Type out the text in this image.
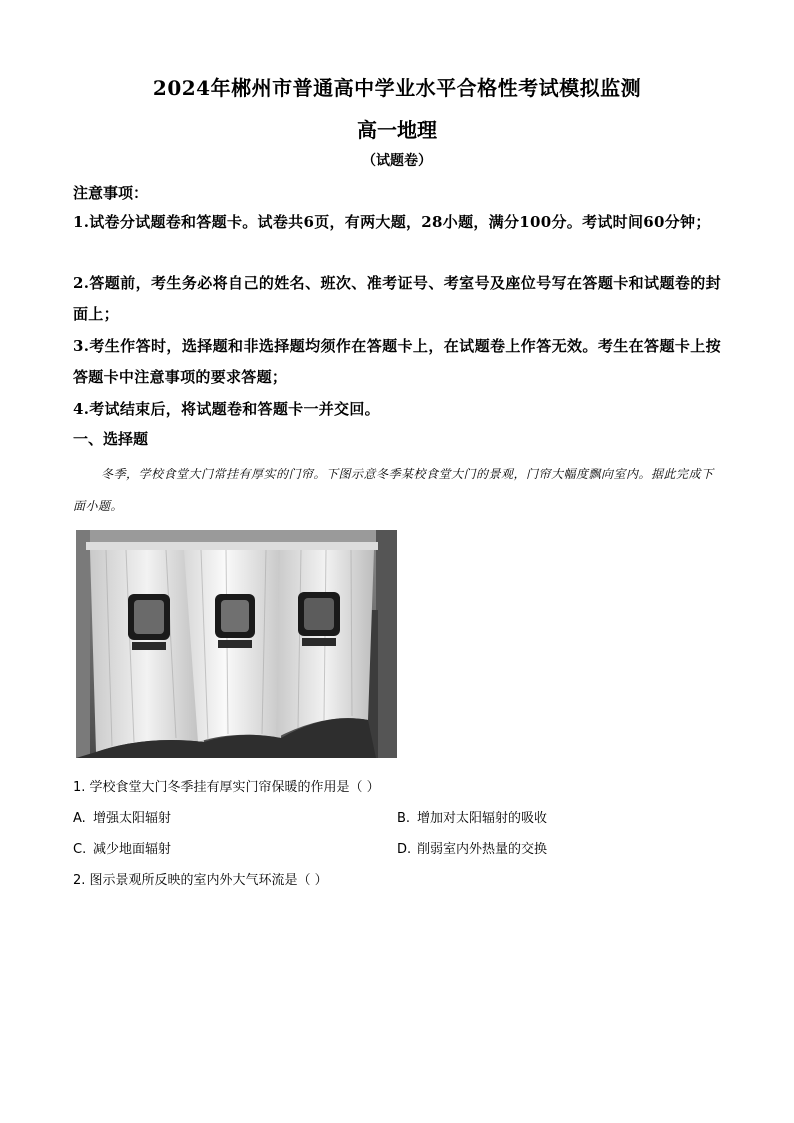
2024年郴州市普通高中学业水平合格性考试模拟监测
高一地理
（试题卷）
注意事项：
1.试卷分试题卷和答题卡。试卷共6页，有两大题，28小题，满分100分。考试时间60分钟；
2.答题前，考生务必将自己的姓名、班次、准考证号、考室号及座位号写在答题卡和试题卷的封面上；
3.考生作答时，选择题和非选择题均须作在答题卡上，在试题卷上作答无效。考生在答题卡上按答题卡中注意事项的要求答题；
4.考试结束后，将试题卷和答题卡一并交回。
一、选择题
冬季，学校食堂大门常挂有厚实的门帘。下图示意冬季某校食堂大门的景观，门帘大幅度飘向室内。据此完成下面小题。
1. 学校食堂大门冬季挂有厚实门帘保暖的作用是（ ）
A. 增强太阳辐射	B. 增加对太阳辐射的吸收
C. 减少地面辐射	D. 削弱室内外热量的交换
2. 图示景观所反映的室内外大气环流是（ ）
